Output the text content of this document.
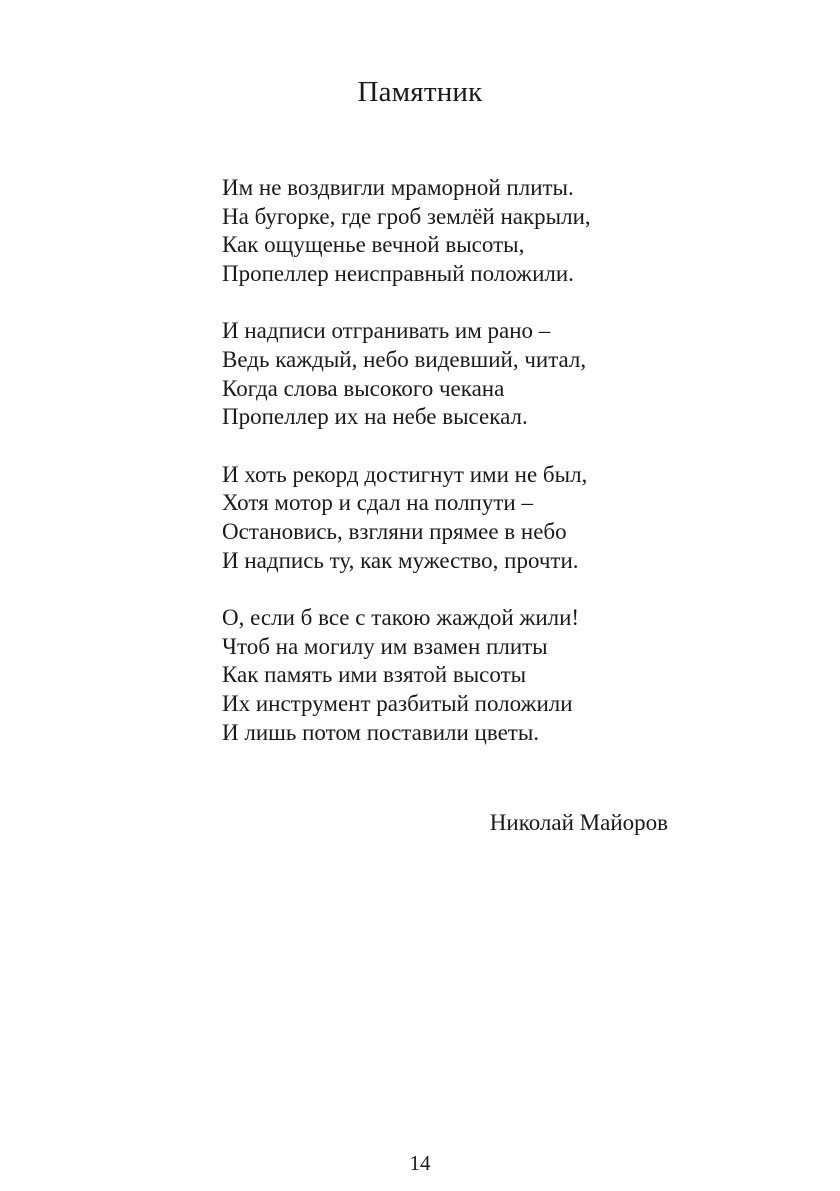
Памятник
Им не воздвигли мраморной плиты.
На бугорке, где гроб землёй накрыли,
Как ощущенье вечной высоты,
Пропеллер неисправный положили.
И надписи отгранивать им рано –
Ведь каждый, небо видевший, читал,
Когда слова высокого чекана
Пропеллер их на небе высекал.
И хоть рекорд достигнут ими не был,
Хотя мотор и сдал на полпути –
Остановись, взгляни прямее в небо
И надпись ту, как мужество, прочти.
О, если б все с такою жаждой жили!
Чтоб на могилу им взамен плиты
Как память ими взятой высоты
Их инструмент разбитый положили
И лишь потом поставили цветы.
Николай Майоров
14
